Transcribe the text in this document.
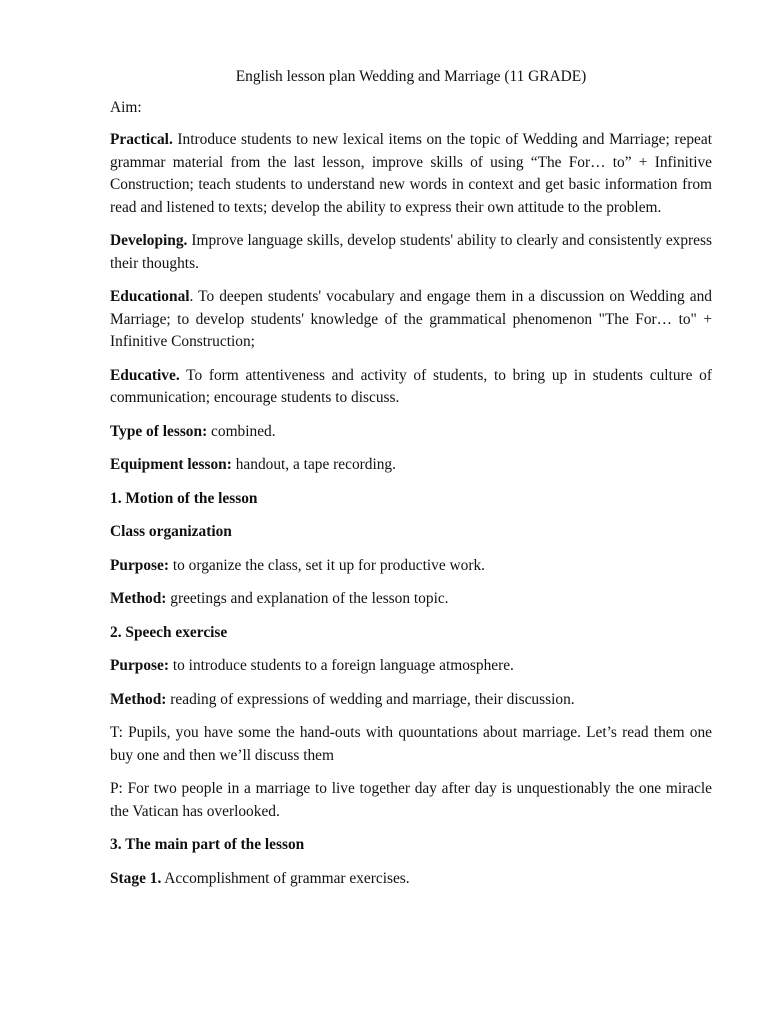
English lesson plan Wedding and Marriage (11 GRADE)

Aim:

Practical. Introduce students to new lexical items on the topic of Wedding and Marriage; repeat grammar material from the last lesson, improve skills of using “The For… to” + Infinitive Construction; teach students to understand new words in context and get basic information from read and listened to texts; develop the ability to express their own attitude to the problem.

Developing. Improve language skills, develop students' ability to clearly and consistently express their thoughts.

Educational. To deepen students' vocabulary and engage them in a discussion on Wedding and Marriage; to develop students' knowledge of the grammatical phenomenon "The For… to" + Infinitive Construction;

Educative. To form attentiveness and activity of students, to bring up in students culture of communication; encourage students to discuss.

Type of lesson: combined.

Equipment lesson: handout, a tape recording.

1. Motion of the lesson

Class organization

Purpose: to organize the class, set it up for productive work.

Method: greetings and explanation of the lesson topic.

2. Speech exercise

Purpose: to introduce students to a foreign language atmosphere.

Method: reading of expressions of wedding and marriage, their discussion.

T: Pupils, you have some the hand-outs with quountations about marriage. Let’s read them one buy one and then we’ll discuss them

P: For two people in a marriage to live together day after day is unquestionably the one miracle the Vatican has overlooked.

3. The main part of the lesson

Stage 1. Accomplishment of grammar exercises.
